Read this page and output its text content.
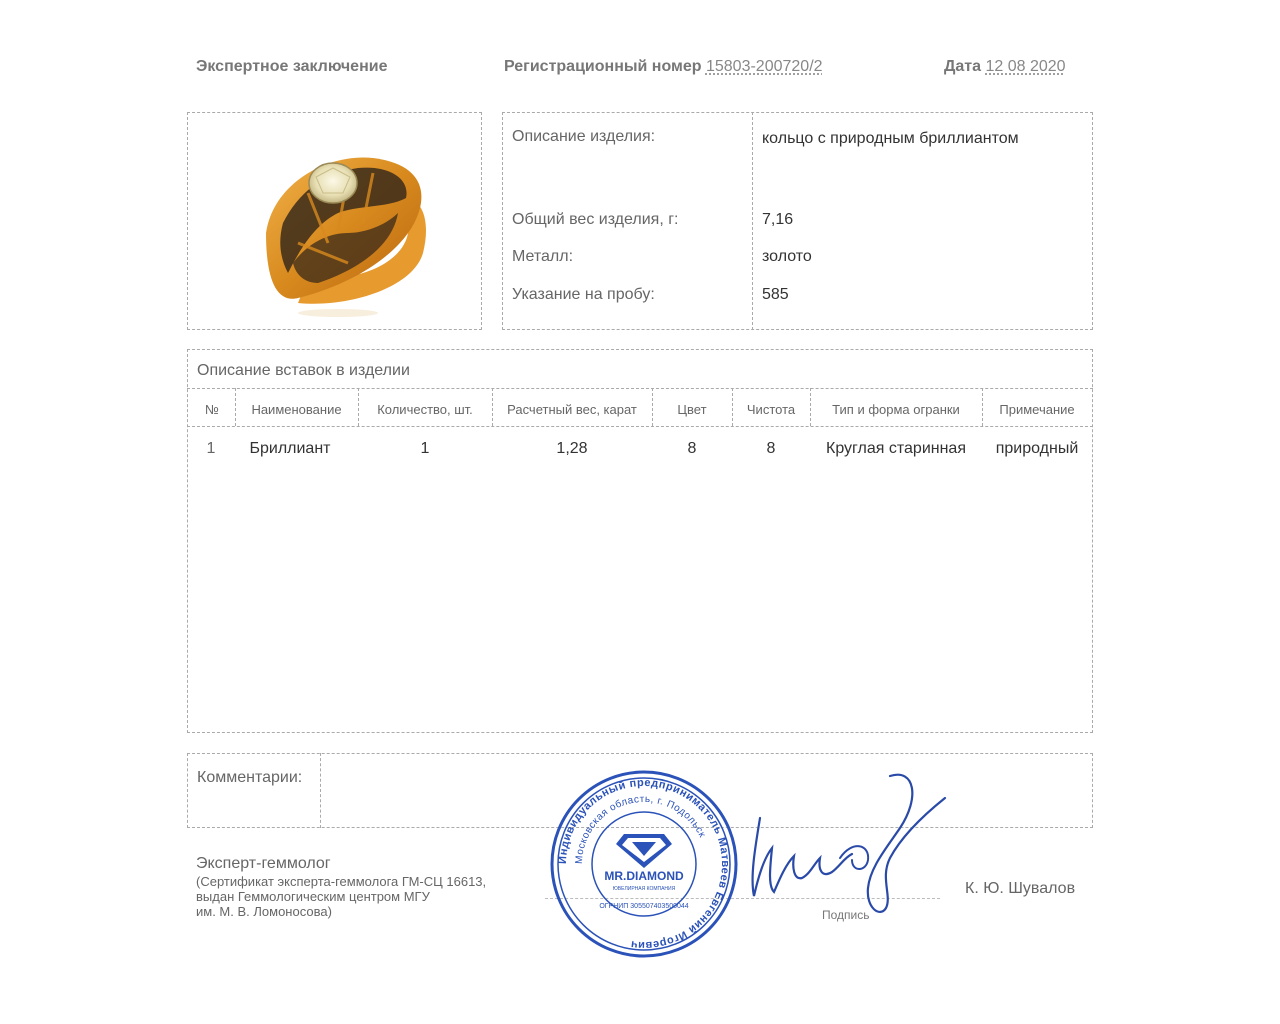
Экспертное заключение	Регистрационный номер 15803-200720/2	Дата 12 08 2020
Описание изделия:	кольцо с природным бриллиантом
Общий вес изделия, г:	7,16
Металл:	золото
Указание на пробу:	585
Описание вставок в изделии
№	Наименование	Количество, шт.	Расчетный вес, карат	Цвет	Чистота	Тип и форма огранки	Примечание
1	Бриллиант	1	1,28	8	8	Круглая старинная	природный
Комментарии:
Эксперт-геммолог
(Сертификат эксперта-геммолога ГМ-СЦ 16613,
выдан Геммологическим центром МГУ
им. М. В. Ломоносова)	Подпись
К. Ю. Шувалов
Индивидуальный предприниматель Матвеев Евгений Игоревич
Московская область, г. Подольск
MR.DIAMOND
ЮВЕЛИРНАЯ КОМПАНИЯ
ОГРНИП 305507403500044
